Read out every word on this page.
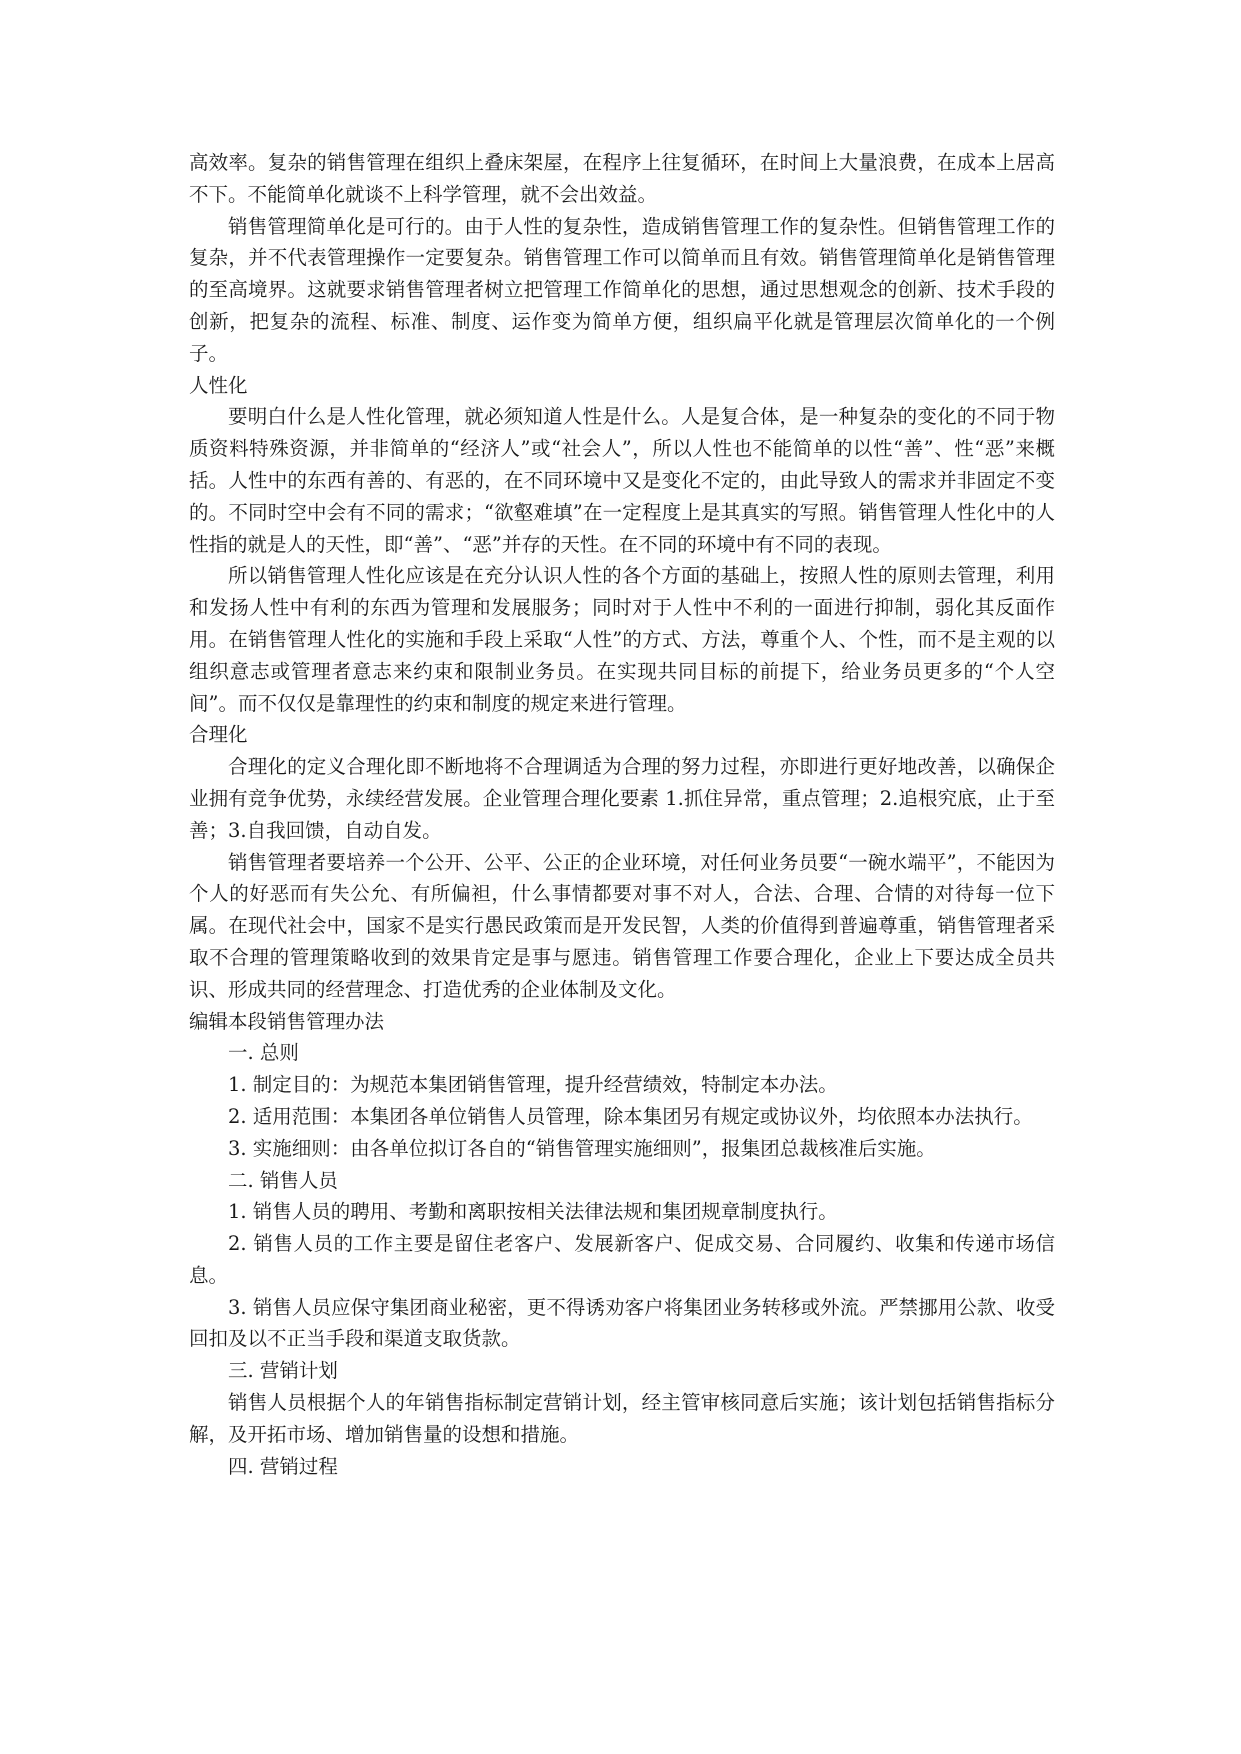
高效率。复杂的销售管理在组织上叠床架屋，在程序上往复循环，在时间上大量浪费，在成本上居高不下。不能简单化就谈不上科学管理，就不会出效益。

销售管理简单化是可行的。由于人性的复杂性，造成销售管理工作的复杂性。但销售管理工作的复杂，并不代表管理操作一定要复杂。销售管理工作可以简单而且有效。销售管理简单化是销售管理的至高境界。这就要求销售管理者树立把管理工作简单化的思想，通过思想观念的创新、技术手段的创新，把复杂的流程、标准、制度、运作变为简单方便，组织扁平化就是管理层次简单化的一个例子。

人性化

要明白什么是人性化管理，就必须知道人性是什么。人是复合体，是一种复杂的变化的不同于物质资料特殊资源，并非简单的“经济人”或“社会人”，所以人性也不能简单的以性“善”、性“恶”来概括。人性中的东西有善的、有恶的，在不同环境中又是变化不定的，由此导致人的需求并非固定不变的。不同时空中会有不同的需求；“欲壑难填”在一定程度上是其真实的写照。销售管理人性化中的人性指的就是人的天性，即“善”、“恶”并存的天性。在不同的环境中有不同的表现。

所以销售管理人性化应该是在充分认识人性的各个方面的基础上，按照人性的原则去管理，利用和发扬人性中有利的东西为管理和发展服务；同时对于人性中不利的一面进行抑制，弱化其反面作用。在销售管理人性化的实施和手段上采取“人性”的方式、方法，尊重个人、个性，而不是主观的以组织意志或管理者意志来约束和限制业务员。在实现共同目标的前提下，给业务员更多的“个人空间”。而不仅仅是靠理性的约束和制度的规定来进行管理。

合理化

合理化的定义合理化即不断地将不合理调适为合理的努力过程，亦即进行更好地改善，以确保企业拥有竞争优势，永续经营发展。企业管理合理化要素 1.抓住异常，重点管理；2.追根究底，止于至善；3.自我回馈，自动自发。

销售管理者要培养一个公开、公平、公正的企业环境，对任何业务员要“一碗水端平”，不能因为个人的好恶而有失公允、有所偏袒，什么事情都要对事不对人，合法、合理、合情的对待每一位下属。在现代社会中，国家不是实行愚民政策而是开发民智，人类的价值得到普遍尊重，销售管理者采取不合理的管理策略收到的效果肯定是事与愿违。销售管理工作要合理化，企业上下要达成全员共识、形成共同的经营理念、打造优秀的企业体制及文化。

编辑本段销售管理办法

一. 总则

1. 制定目的：为规范本集团销售管理，提升经营绩效，特制定本办法。

2. 适用范围：本集团各单位销售人员管理，除本集团另有规定或协议外，均依照本办法执行。

3. 实施细则：由各单位拟订各自的“销售管理实施细则”，报集团总裁核准后实施。

二. 销售人员

1. 销售人员的聘用、考勤和离职按相关法律法规和集团规章制度执行。

2. 销售人员的工作主要是留住老客户、发展新客户、促成交易、合同履约、收集和传递市场信息。

3. 销售人员应保守集团商业秘密，更不得诱劝客户将集团业务转移或外流。严禁挪用公款、收受回扣及以不正当手段和渠道支取货款。

三. 营销计划

销售人员根据个人的年销售指标制定营销计划，经主管审核同意后实施；该计划包括销售指标分解，及开拓市场、增加销售量的设想和措施。

四. 营销过程
